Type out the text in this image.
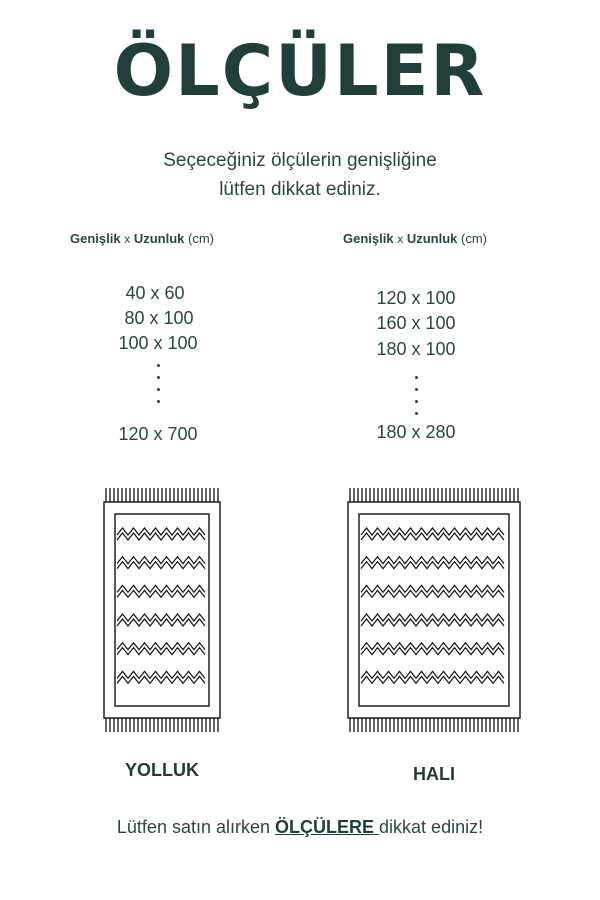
ÖLÇÜLER
Seçeceğiniz ölçülerin genişliğine
lütfen dikkat ediniz.
Genişlik x Uzunluk (cm)	Genişlik x Uzunluk (cm)
40 x 60
80 x 100
100 x 100
120 x 700
120 x 100
160 x 100
180 x 100
180 x 280
YOLLUK	HALI
Lütfen satın alırken ÖLÇÜLERE dikkat ediniz!
